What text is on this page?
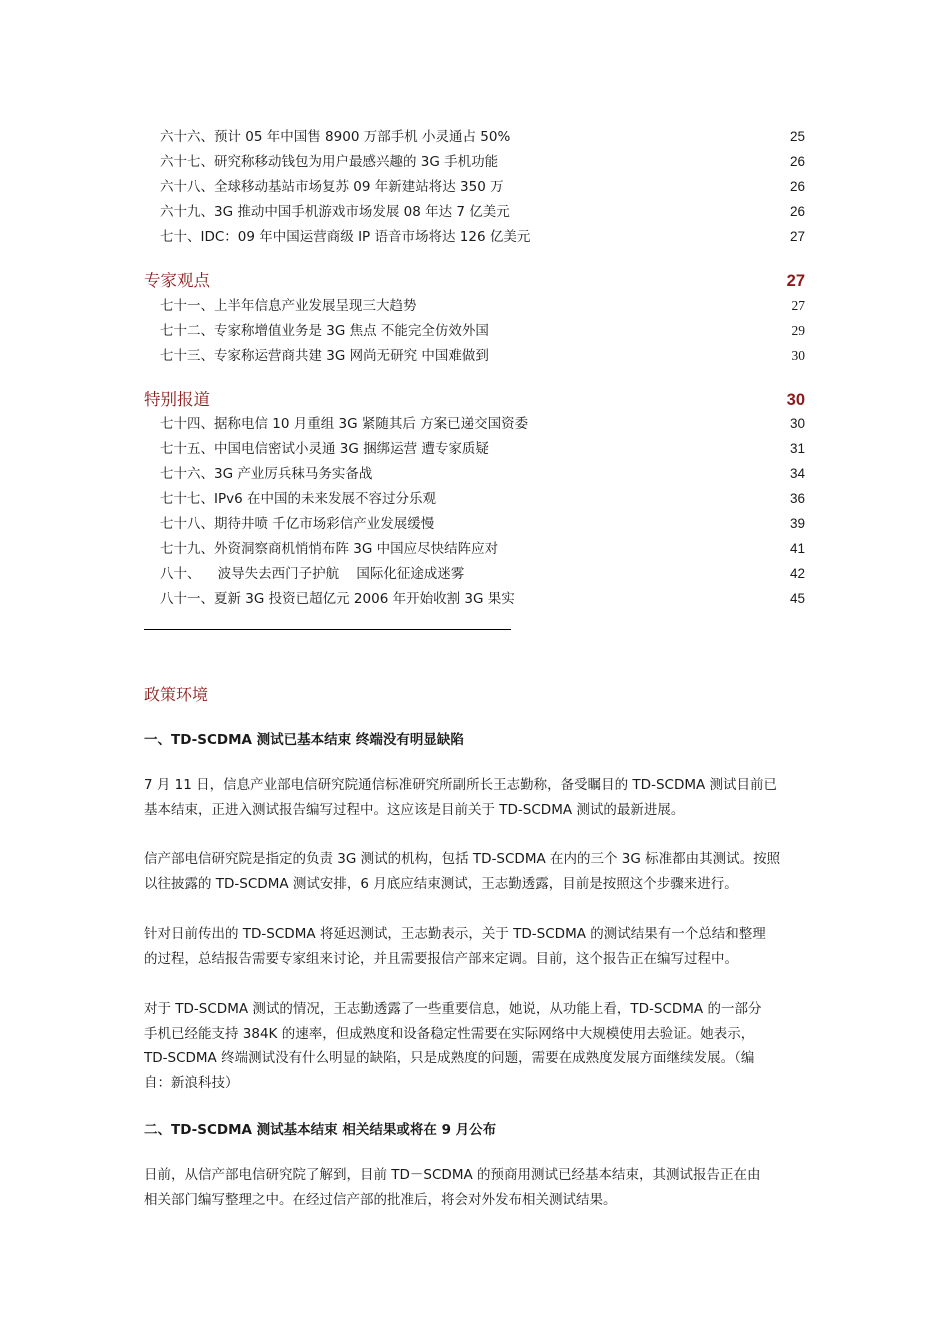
六十六、预计 05 年中国售 8900 万部手机 小灵通占 50%	25
六十七、研究称移动钱包为用户最感兴趣的 3G 手机功能	26
六十八、全球移动基站市场复苏 09 年新建站将达 350 万	26
六十九、3G 推动中国手机游戏市场发展 08 年达 7 亿美元	26
七十、IDC：09 年中国运营商级 IP 语音市场将达 126 亿美元	27
专家观点	27
七十一、上半年信息产业发展呈现三大趋势	27
七十二、专家称增值业务是 3G 焦点 不能完全仿效外国	29
七十三、专家称运营商共建 3G 网尚无研究 中国难做到	30
特别报道	30
七十四、据称电信 10 月重组 3G 紧随其后 方案已递交国资委	30
七十五、中国电信密试小灵通 3G 捆绑运营 遭专家质疑	31
七十六、3G 产业厉兵秣马务实备战	34
七十七、IPv6 在中国的未来发展不容过分乐观	36
七十八、期待井喷 千亿市场彩信产业发展缓慢	39
七十九、外资洞察商机悄悄布阵 3G 中国应尽快结阵应对	41
八十、    波导失去西门子护航    国际化征途成迷雾	42
八十一、夏新 3G 投资已超亿元 2006 年开始收割 3G 果实	45
政策环境
一、TD-SCDMA 测试已基本结束 终端没有明显缺陷
7 月 11 日，信息产业部电信研究院通信标准研究所副所长王志勤称，备受瞩目的 TD-SCDMA 测试目前已
基本结束，正进入测试报告编写过程中。这应该是目前关于 TD-SCDMA 测试的最新进展。
信产部电信研究院是指定的负责 3G 测试的机构，包括 TD-SCDMA 在内的三个 3G 标准都由其测试。按照
以往披露的 TD-SCDMA 测试安排，6 月底应结束测试，王志勤透露，目前是按照这个步骤来进行。
针对日前传出的 TD-SCDMA 将延迟测试，王志勤表示，关于 TD-SCDMA 的测试结果有一个总结和整理
的过程，总结报告需要专家组来讨论，并且需要报信产部来定调。目前，这个报告正在编写过程中。
对于 TD-SCDMA 测试的情况，王志勤透露了一些重要信息，她说，从功能上看，TD-SCDMA 的一部分
手机已经能支持 384K 的速率，但成熟度和设备稳定性需要在实际网络中大规模使用去验证。她表示，
TD-SCDMA 终端测试没有什么明显的缺陷，只是成熟度的问题，需要在成熟度发展方面继续发展。（编
自：新浪科技）
二、TD-SCDMA 测试基本结束 相关结果或将在 9 月公布
日前，从信产部电信研究院了解到，目前 TD－SCDMA 的预商用测试已经基本结束，其测试报告正在由
相关部门编写整理之中。在经过信产部的批准后，将会对外发布相关测试结果。
